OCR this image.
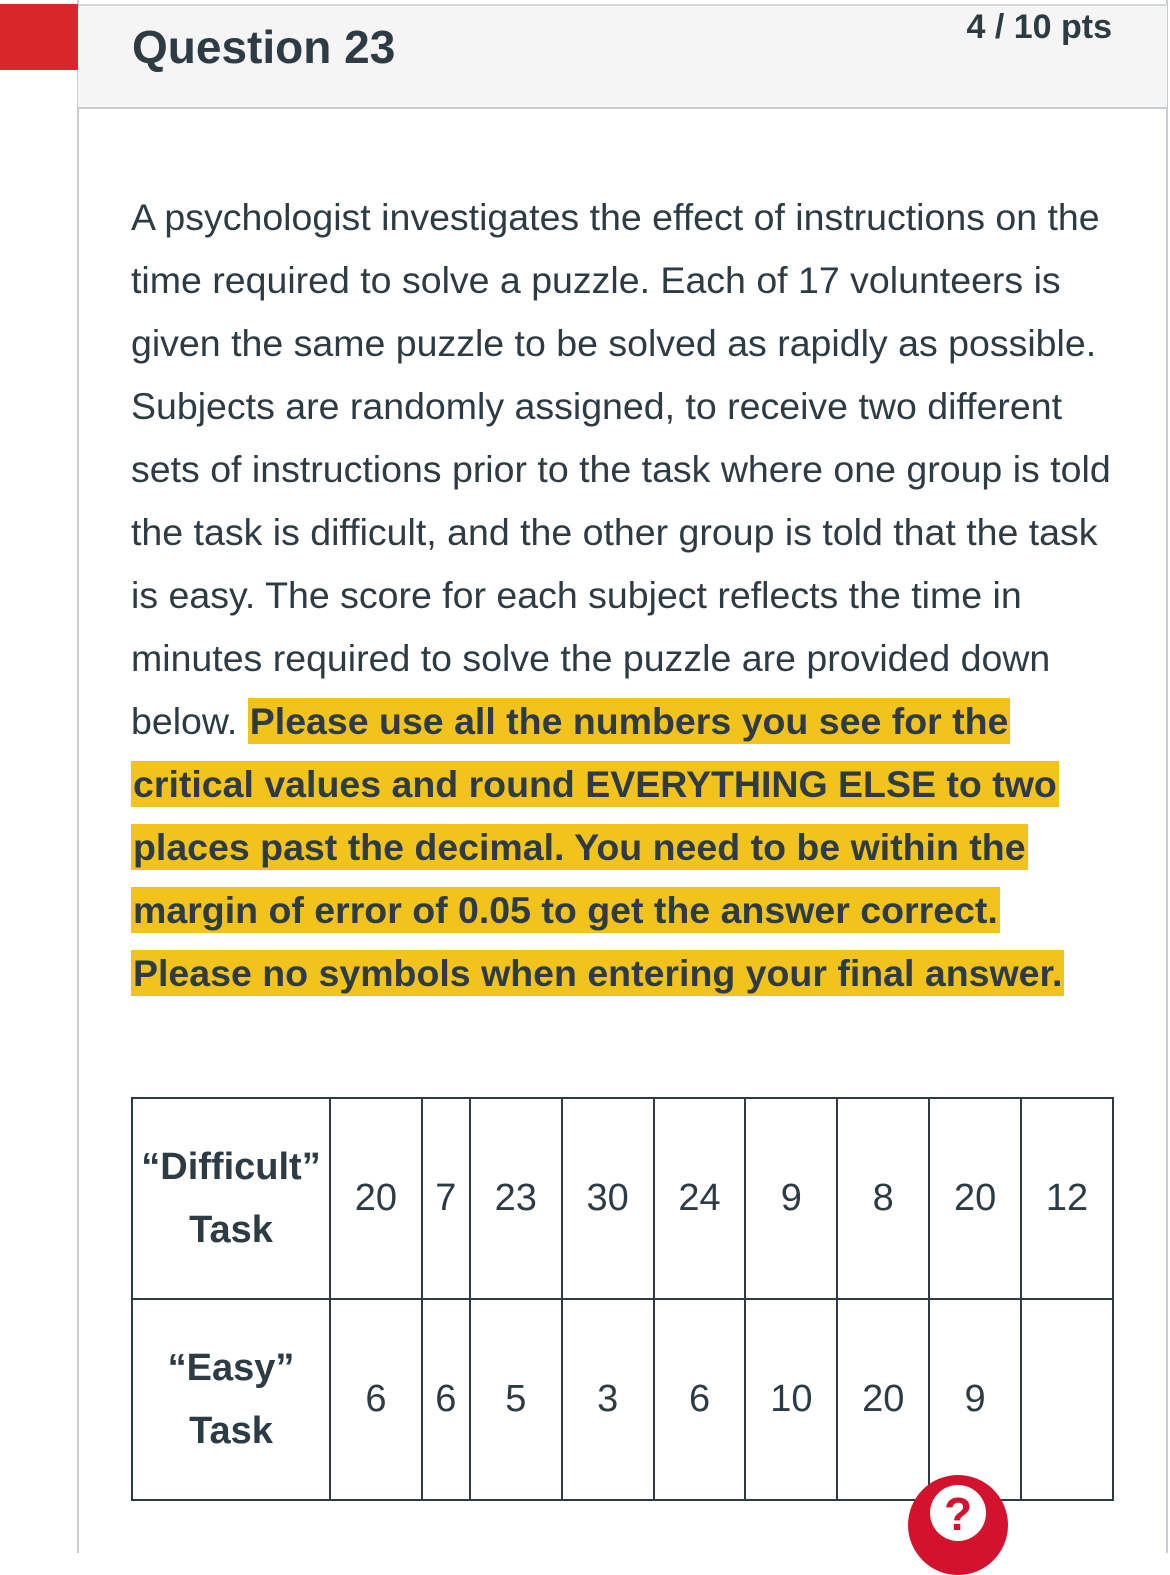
Question 23	4 / 10 pts
A psychologist investigates the effect of instructions on the time required to solve a puzzle. Each of 17 volunteers is given the same puzzle to be solved as rapidly as possible. Subjects are randomly assigned, to receive two different sets of instructions prior to the task where one group is told the task is difficult, and the other group is told that the task is easy. The score for each subject reflects the time in minutes required to solve the puzzle are provided down below. Please use all the numbers you see for the critical values and round EVERYTHING ELSE to two places past the decimal. You need to be within the margin of error of 0.05 to get the answer correct. Please no symbols when entering your final answer.
“Difficult”
Task	20	7	23	30	24	9	8	20	12

“Easy”
Task	6	6	5	3	6	10	20	9	
?
